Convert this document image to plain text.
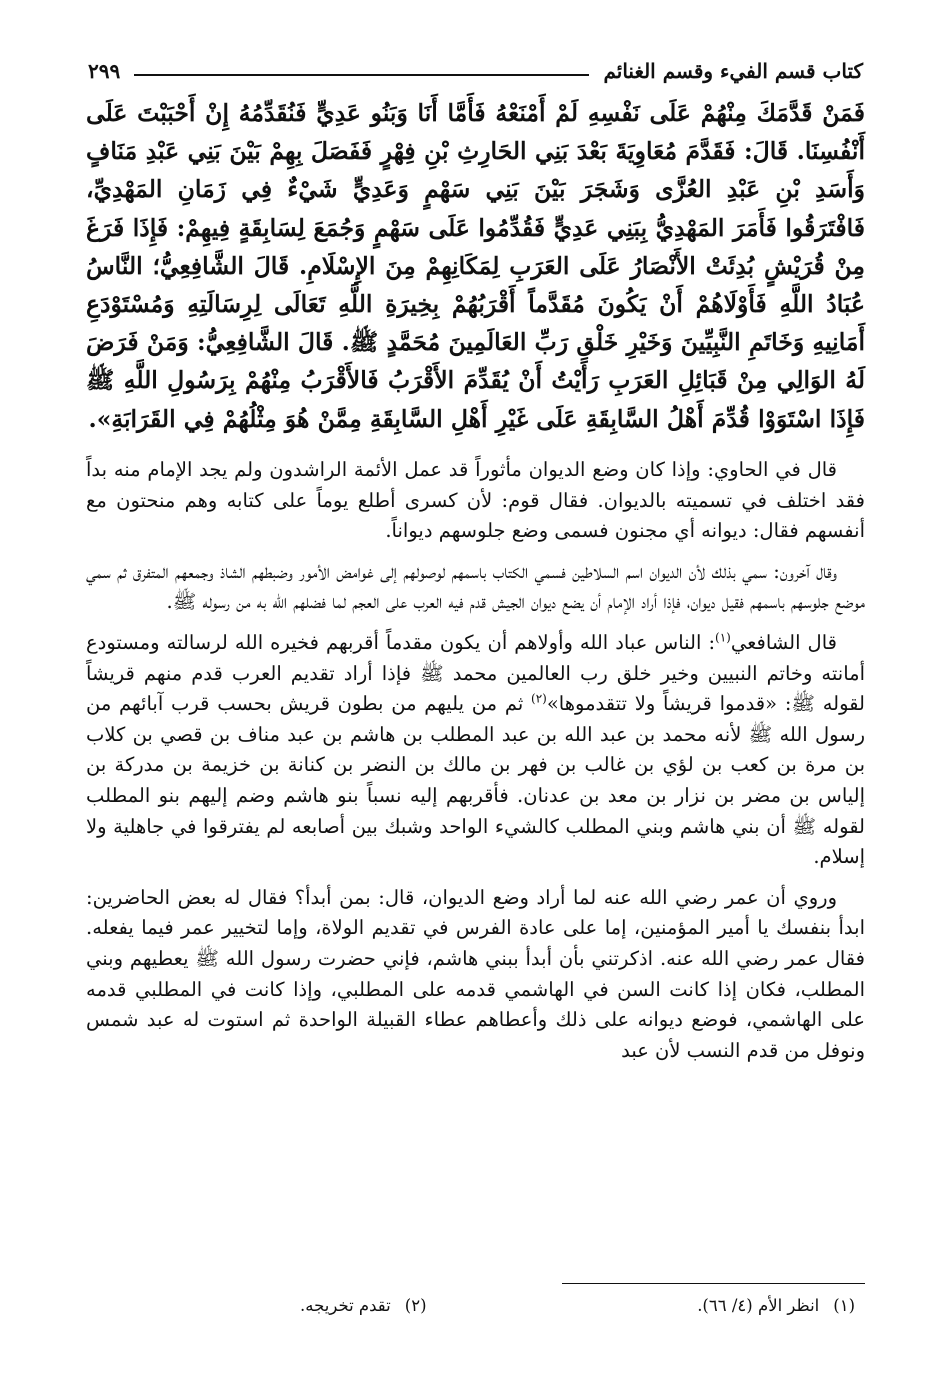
كتاب قسم الفيء وقسم الغنائم
٢٩٩
فَمَنْ قَدَّمَكَ مِنْهُمْ عَلَى نَفْسِهِ لَمْ أَمْنَعْهُ فَأَمَّا أَنَا وَبَنُو عَدِيٍّ فَنُقَدِّمُهُ إِنْ أَحْبَبْتَ عَلَى أَنْفُسِنَا. قَالَ: فَقَدَّمَ مُعَاوِيَةَ بَعْدَ بَنِي الحَارِثِ بْنِ فِهْرٍ فَفَصَلَ بِهِمْ بَيْنَ بَنِي عَبْدِ مَنَافٍ وَأَسَدِ بْنِ عَبْدِ العُزَّى وَشَجَرَ بَيْنَ بَنِي سَهْمٍ وَعَدِيٍّ شَيْءٌ فِي زَمَانِ المَهْدِيِّ، فَافْتَرَقُوا فَأَمَرَ المَهْدِيُّ بِبَنِي عَدِيٍّ فَقُدِّمُوا عَلَى سَهْمٍ وَجُمَعَ لِسَابِقَةٍ فِيهِمْ: فَإِذَا فَرَغَ مِنْ قُرَيْشٍ بُدِئَتْ الأَنْصَارُ عَلَى العَرَبِ لِمَكَانِهِمْ مِنَ الإِسْلَامِ. قَالَ الشَّافِعِيُّ؛ النَّاسُ عُبَادُ اللَّهِ فَأَوْلَاهُمْ أَنْ يَكُونَ مُقَدَّماً أَقْرَبُهُمْ بِخِيرَةِ اللَّهِ تَعَالَى لِرِسَالَتِهِ وَمُسْتَوْدَعِ أَمَانِيهِ وَخَاتَمِ النَّبِيِّينَ وَخَيْرِ خَلْقِ رَبِّ العَالَمِينَ مُحَمَّدٍ ﷺ. قَالَ الشَّافِعِيُّ: وَمَنْ فَرَضَ لَهُ الوَالِي مِنْ قَبَائِلِ العَرَبِ رَأَيْتُ أَنْ يُقَدِّمَ الأَقْرَبُ فَالأَقْرَبُ مِنْهُمْ بِرَسُولِ اللَّهِ ﷺ فَإِذَا اسْتَوَوْا قُدِّمَ أَهْلُ السَّابِقَةِ عَلَى غَيْرِ أَهْلِ السَّابِقَةِ مِمَّنْ هُوَ مِثْلُهُمْ فِي القَرَابَةِ».

قال في الحاوي: وإذا كان وضع الديوان مأثوراً قد عمل الأئمة الراشدون ولم يجد الإمام منه بداً فقد اختلف في تسميته بالديوان. فقال قوم: لأن كسرى أطلع يوماً على كتابه وهم منحتون مع أنفسهم فقال: ديوانه أي مجنون فسمى وضع جلوسهم ديواناً.

وقال آخرون: سمي بذلك لأن الديوان اسم السلاطين فسمي الكتاب باسمهم لوصولهم إلى غوامض الأمور وضبطهم الشاذ وجمعهم المتفرق ثم سمي موضع جلوسهم باسمهم فقيل ديوان، فإذا أراد الإمام أن يضع ديوان الجيش قدم فيه العرب على العجم لما فضلهم الله به من رسوله ﷺ.

قال الشافعي$^{(١)}$: الناس عباد الله وأولاهم أن يكون مقدماً أقربهم فخيره الله لرسالته ومستودع أمانته وخاتم النبيين وخير خلق رب العالمين محمد ﷺ فإذا أراد تقديم العرب قدم منهم قريشاً لقوله ﷺ: «قدموا قريشاً ولا تتقدموها»$^{(٢)}$ ثم من يليهم من بطون قريش بحسب قرب آبائهم من رسول الله ﷺ لأنه محمد بن عبد الله بن عبد المطلب بن هاشم بن عبد مناف بن قصي بن كلاب بن مرة بن كعب بن لؤي بن غالب بن فهر بن مالك بن النضر بن كنانة بن خزيمة بن مدركة بن إلياس بن مضر بن نزار بن معد بن عدنان. فأقربهم إليه نسباً بنو هاشم وضم إليهم بنو المطلب لقوله ﷺ أن بني هاشم وبني المطلب كالشيء الواحد وشبك بين أصابعه لم يفترقوا في جاهلية ولا إسلام.

وروي أن عمر رضي الله عنه لما أراد وضع الديوان، قال: بمن أبدأ؟ فقال له بعض الحاضرين: ابدأ بنفسك يا أمير المؤمنين، إما على عادة الفرس في تقديم الولاة، وإما لتخيير عمر فيما يفعله. فقال عمر رضي الله عنه. اذكرتني بأن أبدأ ببني هاشم، فإني حضرت رسول الله ﷺ يعطيهم وبني المطلب، فكان إذا كانت السن في الهاشمي قدمه على المطلبي، وإذا كانت في المطلبي قدمه على الهاشمي، فوضع ديوانه على ذلك وأعطاهم عطاء القبيلة الواحدة ثم استوت له عبد شمس ونوفل من قدم النسب لأن عبد

(١)انظر الأم (٤/ ٦٦).
(٢)تقدم تخريجه.
